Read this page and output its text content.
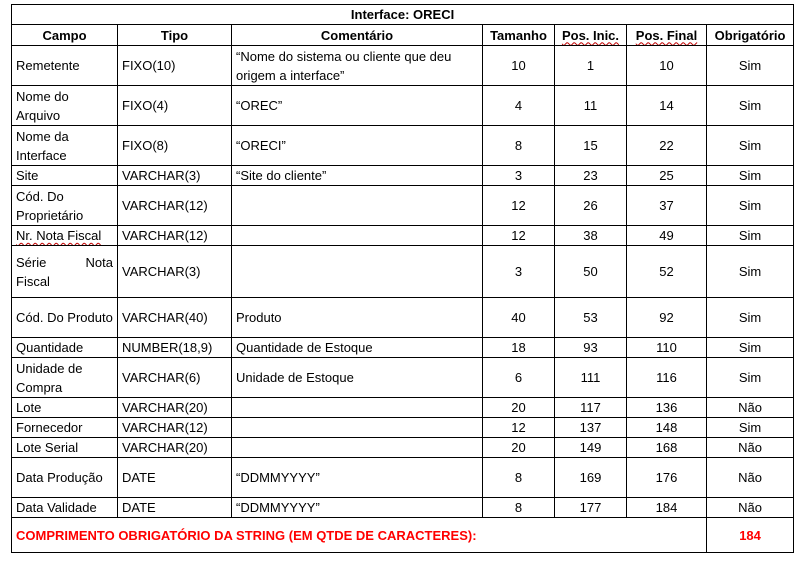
Interface: ORECI						
Campo	Tipo	Comentário	Tamanho	Pos. Inic.	Pos. Final	Obrigatório
Remetente	FIXO(10)	“Nome do sistema ou cliente que deu origem a interface”	10	1	10	Sim
Nome do Arquivo	FIXO(4)	“OREC”	4	11	14	Sim
Nome da Interface	FIXO(8)	“ORECI”	8	15	22	Sim
Site	VARCHAR(3)	“Site do cliente”	3	23	25	Sim
Cód. Do Proprietário	VARCHAR(12)		12	26	37	Sim
Nr. Nota Fiscal	VARCHAR(12)		12	38	49	Sim
Série Nota Fiscal	VARCHAR(3)		3	50	52	Sim
Cód. Do Produto	VARCHAR(40)	Produto	40	53	92	Sim
Quantidade	NUMBER(18,9)	Quantidade de Estoque	18	93	110	Sim
Unidade de Compra	VARCHAR(6)	Unidade de Estoque	6	111	116	Sim
Lote	VARCHAR(20)		20	117	136	Não
Fornecedor	VARCHAR(12)		12	137	148	Sim
Lote Serial	VARCHAR(20)		20	149	168	Não
Data Produção	DATE	“DDMMYYYY”	8	169	176	Não
Data Validade	DATE	“DDMMYYYY”	8	177	184	Não
COMPRIMENTO OBRIGATÓRIO DA STRING (EM QTDE DE CARACTERES):						184
